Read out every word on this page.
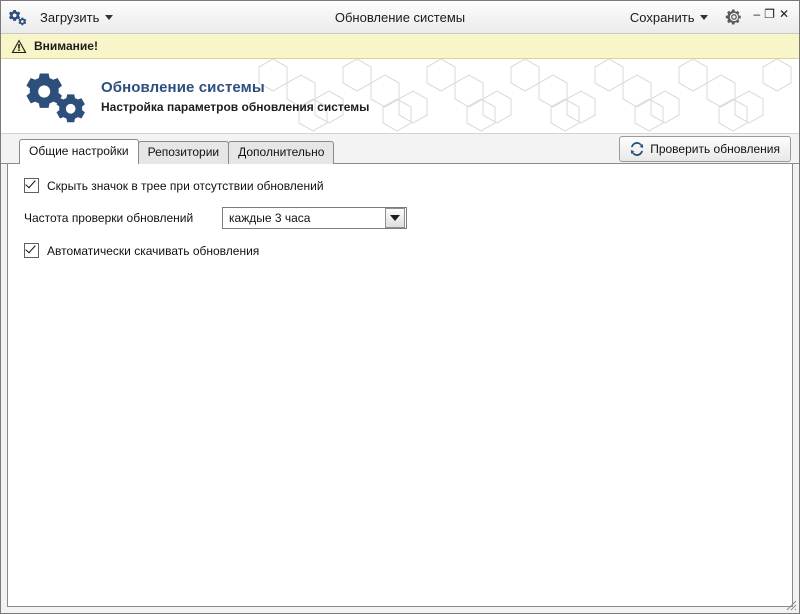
Загрузить	Обновление системы	Сохранить	– ❐ ✕
Внимание!
Обновление системы
Настройка параметров обновления системы
Общие настройки	Репозитории	Дополнительно	Проверить обновления
Скрыть значок в трее при отсутствии обновлений
Частота проверки обновлений	каждые 3 часа
Автоматически скачивать обновления
